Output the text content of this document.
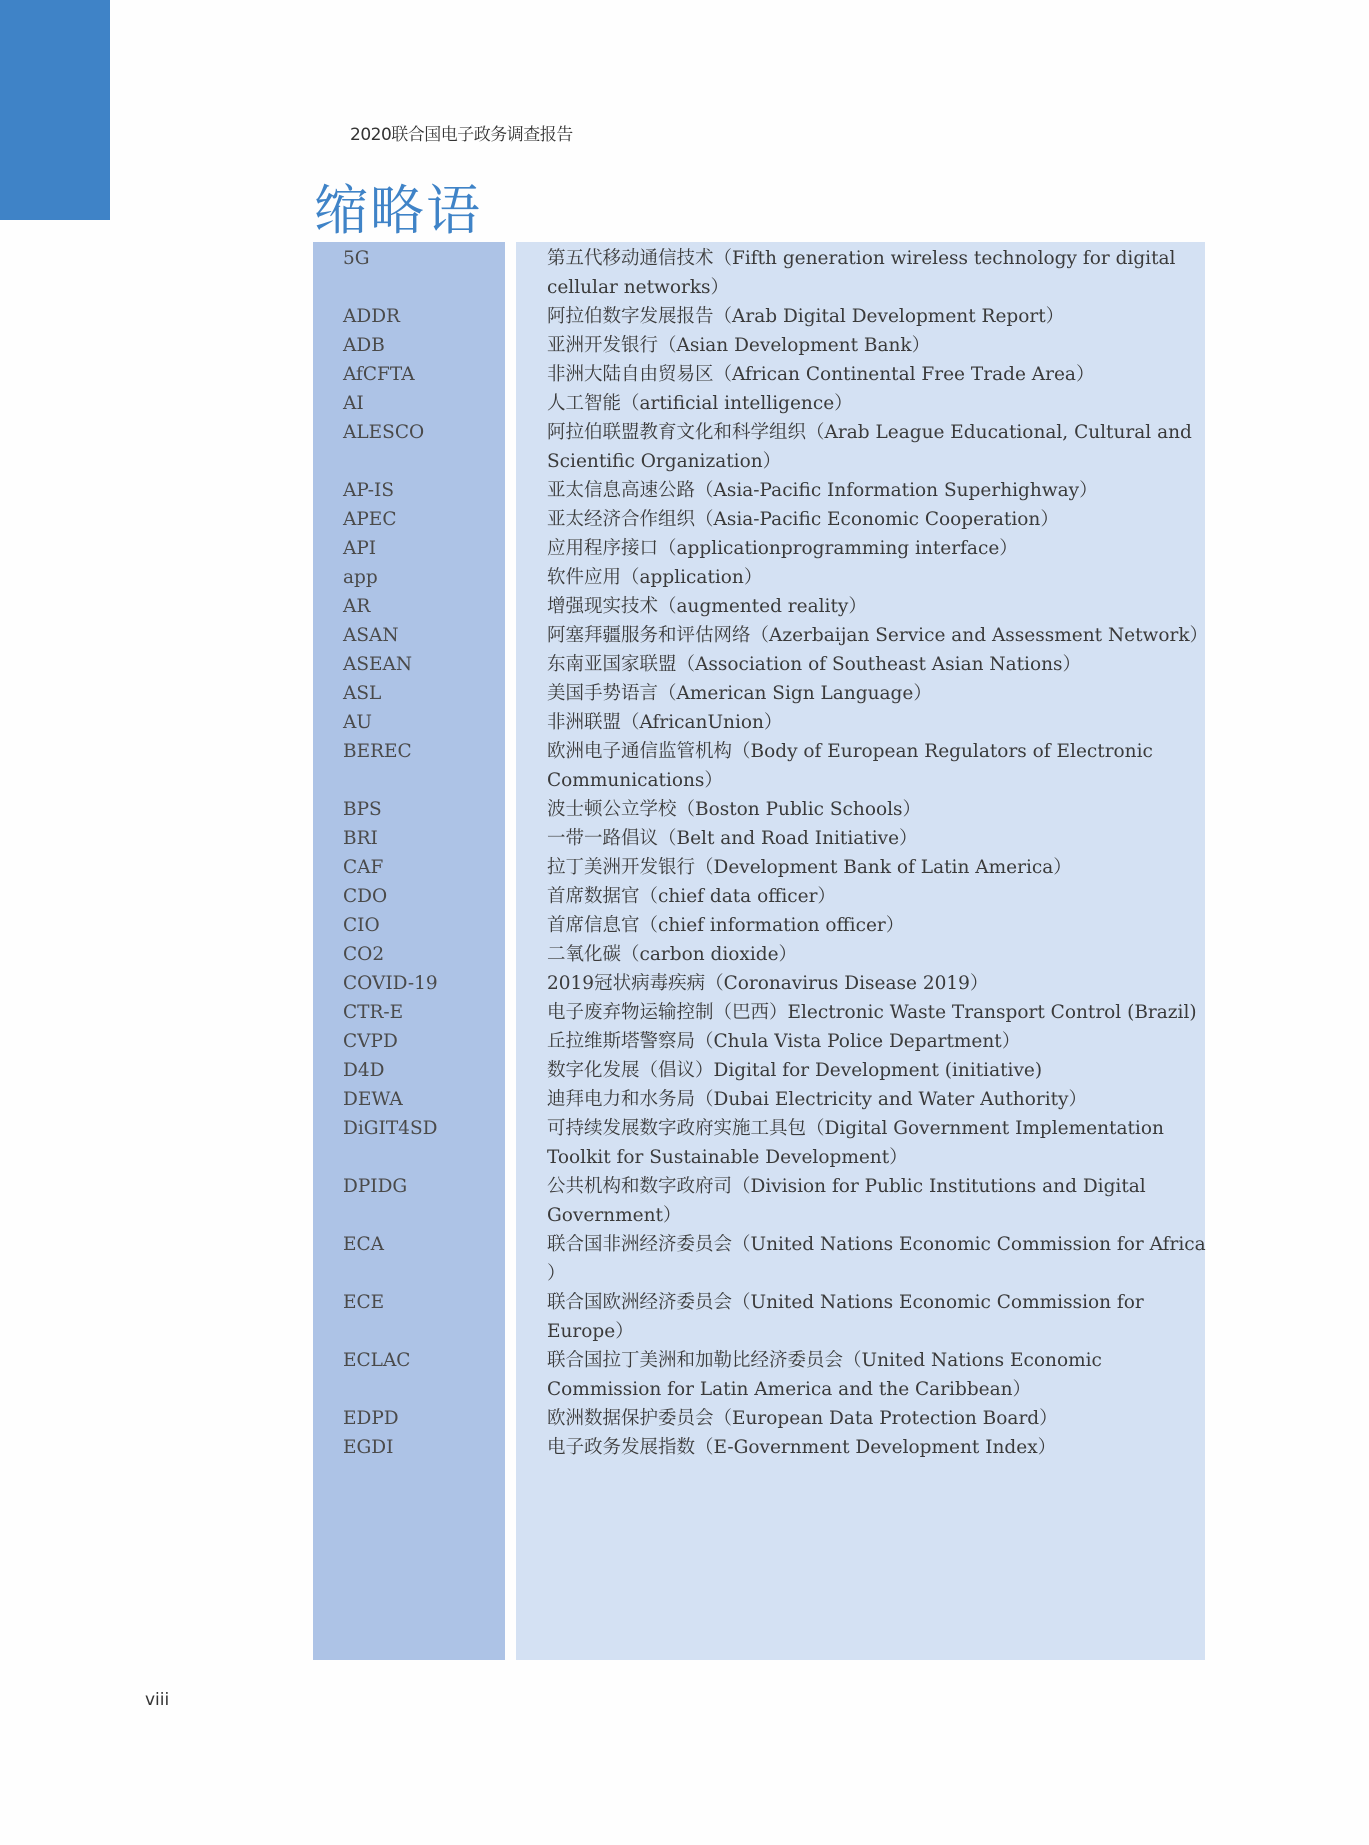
2020联合国电子政务调查报告
缩略语
5G	第五代移动通信技术（Fifth generation wireless technology for digital cellular networks）
ADDR	阿拉伯数字发展报告（Arab Digital Development Report）
ADB	亚洲开发银行（Asian Development Bank）
AfCFTA	非洲大陆自由贸易区（African Continental Free Trade Area）
AI	人工智能（artificial intelligence）
ALESCO	阿拉伯联盟教育文化和科学组织（Arab League Educational, Cultural and Scientific Organization）
AP-IS	亚太信息高速公路（Asia-Pacific Information Superhighway）
APEC	亚太经济合作组织（Asia-Pacific Economic Cooperation）
API	应用程序接口（applicationprogramming interface）
app	软件应用（application）
AR	增强现实技术（augmented reality）
ASAN	阿塞拜疆服务和评估网络（Azerbaijan Service and Assessment Network）
ASEAN	东南亚国家联盟（Association of Southeast Asian Nations）
ASL	美国手势语言（American Sign Language）
AU	非洲联盟（AfricanUnion）
BEREC	欧洲电子通信监管机构（Body of European Regulators of Electronic Communications）
BPS	波士顿公立学校（Boston Public Schools）
BRI	一带一路倡议（Belt and Road Initiative）
CAF	拉丁美洲开发银行（Development Bank of Latin America）
CDO	首席数据官（chief data officer）
CIO	首席信息官（chief information officer）
CO2	二氧化碳（carbon dioxide）
COVID-19	2019冠状病毒疾病（Coronavirus Disease 2019）
CTR-E	电子废弃物运输控制（巴西）Electronic Waste Transport Control (Brazil)
CVPD	丘拉维斯塔警察局（Chula Vista Police Department）
D4D	数字化发展（倡议）Digital for Development (initiative)
DEWA	迪拜电力和水务局（Dubai Electricity and Water Authority）
DiGIT4SD	可持续发展数字政府实施工具包（Digital Government Implementation Toolkit for Sustainable Development）
DPIDG	公共机构和数字政府司（Division for Public Institutions and Digital Government）
ECA	联合国非洲经济委员会（United Nations Economic Commission for Africa ）
ECE	联合国欧洲经济委员会（United Nations Economic Commission for Europe）
ECLAC	联合国拉丁美洲和加勒比经济委员会（United Nations Economic Commission for Latin America and the Caribbean）
EDPD	欧洲数据保护委员会（European Data Protection Board）
EGDI	电子政务发展指数（E-Government Development Index）
viii
